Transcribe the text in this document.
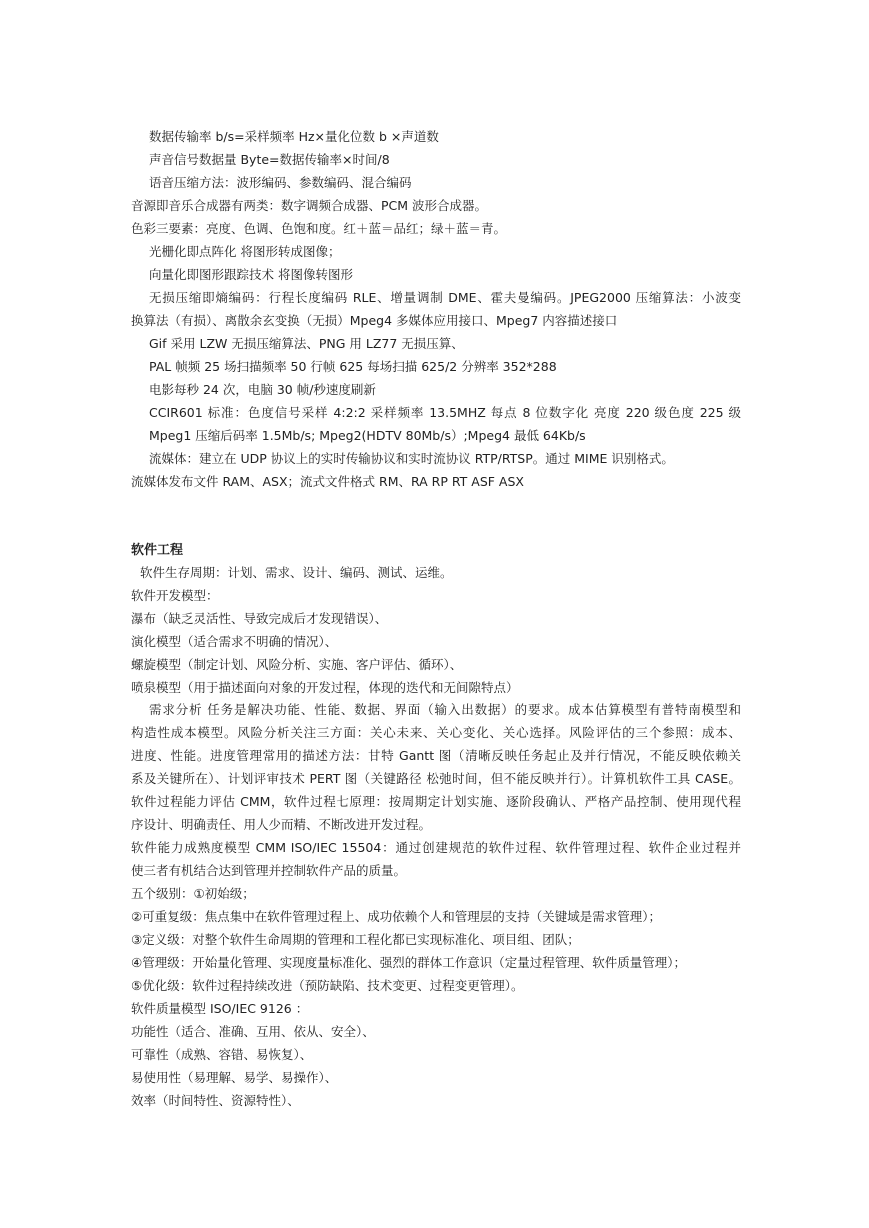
数据传输率 b/s=采样频率 Hz×量化位数 b ×声道数
声音信号数据量 Byte=数据传输率×时间/8
语音压缩方法：波形编码、参数编码、混合编码
音源即音乐合成器有两类：数字调频合成器、PCM 波形合成器。
色彩三要素：亮度、色调、色饱和度。红＋蓝＝品红；绿＋蓝＝青。
光栅化即点阵化 将图形转成图像；
向量化即图形跟踪技术 将图像转图形
无损压缩即熵编码：行程长度编码 RLE、增量调制 DME、霍夫曼编码。JPEG2000 压缩算法：小波变
换算法（有损）、离散余玄变换（无损）Mpeg4 多媒体应用接口、Mpeg7 内容描述接口
Gif 采用 LZW 无损压缩算法、PNG 用 LZ77 无损压算、
PAL 帧频 25 场扫描频率 50 行帧 625 每场扫描 625/2 分辨率 352*288
电影每秒 24 次，电脑 30 帧/秒速度刷新
CCIR601 标准：色度信号采样 4:2:2 采样频率 13.5MHZ 每点 8 位数字化 亮度 220 级色度 225 级
Mpeg1 压缩后码率 1.5Mb/s; Mpeg2(HDTV 80Mb/s）;Mpeg4 最低 64Kb/s
流媒体：建立在 UDP 协议上的实时传输协议和实时流协议 RTP/RTSP。通过 MIME 识别格式。
流媒体发布文件 RAM、ASX；流式文件格式 RM、RA RP RT ASF ASX
软件工程
软件生存周期：计划、需求、设计、编码、测试、运维。
软件开发模型：
瀑布（缺乏灵活性、导致完成后才发现错误）、
演化模型（适合需求不明确的情况）、
螺旋模型（制定计划、风险分析、实施、客户评估、循环）、
喷泉模型（用于描述面向对象的开发过程，体现的迭代和无间隙特点）
需求分析 任务是解决功能、性能、数据、界面（输入出数据）的要求。成本估算模型有普特南模型和
构造性成本模型。风险分析关注三方面：关心未来、关心变化、关心选择。风险评估的三个参照：成本、
进度、性能。进度管理常用的描述方法：甘特 Gantt 图（清晰反映任务起止及并行情况，不能反映依赖关
系及关键所在）、计划评审技术 PERT 图（关键路径 松弛时间，但不能反映并行）。计算机软件工具 CASE。
软件过程能力评估 CMM，软件过程七原理：按周期定计划实施、逐阶段确认、严格产品控制、使用现代程
序设计、明确责任、用人少而精、不断改进开发过程。
软件能力成熟度模型 CMM ISO/IEC 15504：通过创建规范的软件过程、软件管理过程、软件企业过程并
使三者有机结合达到管理并控制软件产品的质量。
五个级别：①初始级；
②可重复级：焦点集中在软件管理过程上、成功依赖个人和管理层的支持（关键域是需求管理）；
③定义级：对整个软件生命周期的管理和工程化都已实现标准化、项目组、团队；
④管理级：开始量化管理、实现度量标准化、强烈的群体工作意识（定量过程管理、软件质量管理）；
⑤优化级：软件过程持续改进（预防缺陷、技术变更、过程变更管理）。
软件质量模型 ISO/IEC 9126 ：
功能性（适合、准确、互用、依从、安全）、
可靠性（成熟、容错、易恢复）、
易使用性（易理解、易学、易操作）、
效率（时间特性、资源特性）、
